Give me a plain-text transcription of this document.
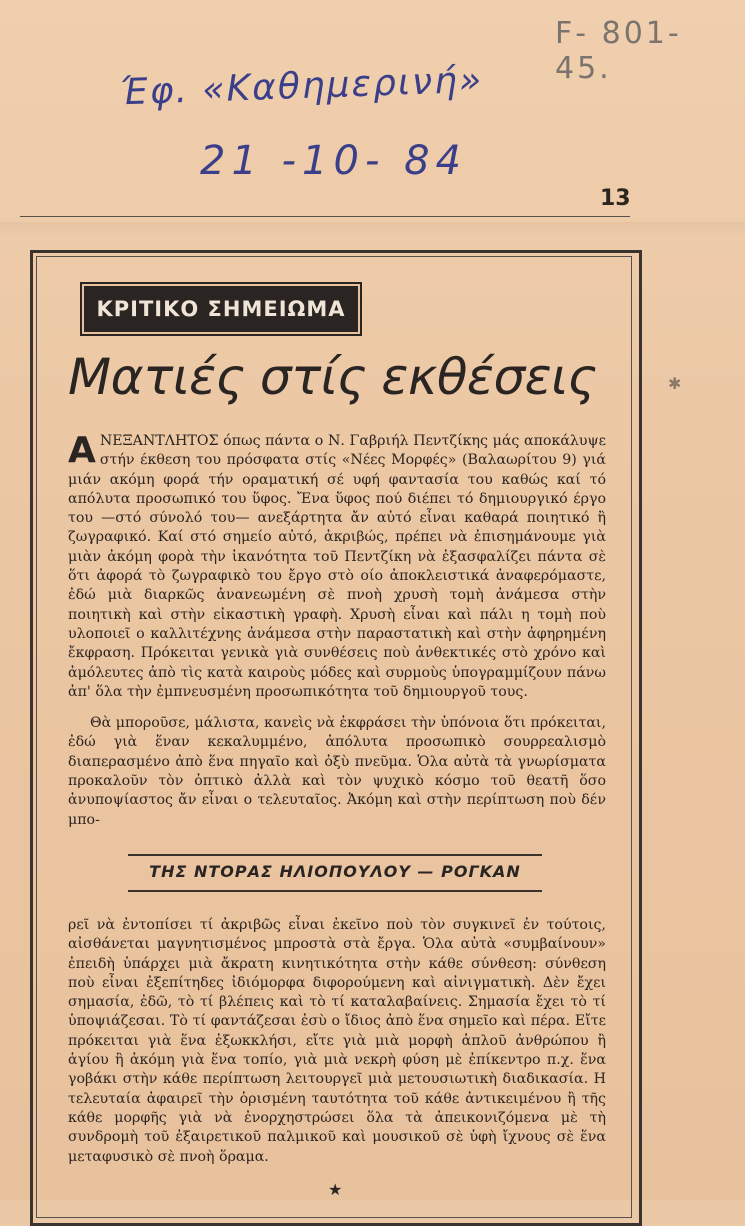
F- 801- 45.
Έφ. «Καθημερινή»
21 -10- 84
13
ΚΡΙΤΙΚΟ ΣΗΜΕΙΩΜΑ
Ματιές στίς εκθέσεις	✱

ΑΝΕΞΑΝΤΛΗΤΟΣ όπως πάντα ο Ν. Γαβριήλ Πεντζίκης μάς αποκάλυψε στήν έκθεση του πρόσφατα στίς «Νέες Μορφές» (Βαλαωρίτου 9) γιά μιάν ακόμη φορά τήν οραματική σέ υφή φαντασία του καθώς καί τό απόλυτα προσωπικό του ὕφος. Ἔνα ὕφος πού διέπει τό δημιουργικό έργο του —στό σύνολό του— ανεξάρτητα ἄν αὐτό εἶναι καθαρά ποιητικό ἢ ζωγραφικό. Καί στό σημείο αὐτό, ἀκριβώς, πρέπει νὰ ἐπισημάνουμε γιὰ μιὰν ἀκόμη φορὰ τὴν ἱκανότητα τοῦ Πεντζίκη νὰ ἐξασφαλίζει πάντα σὲ ὅτι ἀφορά τὸ ζωγραφικὸ του ἔργο στὸ οίο ἀποκλειστικά ἀναφερόμαστε, ἐδώ μιὰ διαρκῶς ἀνανεωμένη σὲ πνοὴ χρυσὴ τομὴ ἀνάμεσα στὴν ποιητικὴ καὶ στὴν εἰκαστικὴ γραφὴ. Χρυσὴ εἶναι καὶ πάλι η τομὴ ποὺ υλοποιεῖ ο καλλιτέχνης ἀνάμεσα στὴν παραστατικὴ καὶ στὴν ἀφηρημένη ἔκφραση. Πρόκειται γενικὰ γιὰ συνθέσεις ποὺ ἀνθεκτικές στὸ χρόνο καὶ ἀμόλευτες ἀπὸ τὶς κατὰ καιροὺς μόδες καὶ συρμοὺς ὑπογραμμίζουν πάνω ἀπ' ὅλα τὴν ἐμπνευσμένη προσωπικότητα τοῦ δημιουργοῦ τους.

Θὰ μποροῦσε, μάλιστα, κανεὶς νὰ ἐκφράσει τὴν ὑπόνοια ὅτι πρόκειται, ἐδώ γιὰ ἕναν κεκαλυμμένο, ἀπόλυτα προσωπικὸ σουρρεαλισμὸ διαπερασμένο ἀπὸ ἕνα πηγαῖο καὶ ὀξὺ πνεῦμα. Ὁλα αὐτὰ τὰ γνωρίσματα προκαλοῦν τὸν ὀπτικὸ ἀλλὰ καὶ τὸν ψυχικὸ κόσμο τοῦ θεατῆ ὅσο ἀνυποψίαστος ἄν εἶναι ο τελευταῖος. Ἀκόμη καὶ στὴν περίπτωση ποὺ δέν μπο-

ΤΗΣ ΝΤΟΡΑΣ ΗΛΙΟΠΟΥΛΟΥ — ΡΟΓΚΑΝ

ρεῖ νὰ ἐντοπίσει τί ἀκριβῶς εἶναι ἐκεῖνο ποὺ τὸν συγκινεῖ ἐν τούτοις, αἰσθάνεται μαγνητισμένος μπροστὰ στὰ ἔργα. Ὁλα αὐτὰ «συμβαίνουν» ἐπειδὴ ὑπάρχει μιὰ ἄκρατη κινητικότητα στὴν κάθε σύνθεση: σύνθεση ποὺ εἶναι ἐξεπίτηδες ἰδιόμορφα διφορούμενη καὶ αἰνιγματικὴ. Δὲν ἔχει σημασία, ἐδῶ, τὸ τί βλέπεις καὶ τὸ τί καταλαβαίνεις. Σημασία ἔχει τὸ τί ὑποψιάζεσαι. Τὸ τί φαντάζεσαι ἐσὺ ο ἴδιος ἀπὸ ἕνα σημεῖο καὶ πέρα. Εἴτε πρόκειται γιὰ ἕνα ἐξωκκλήσι, εἴτε γιὰ μιὰ μορφὴ ἁπλοῦ ἀνθρώπου ἢ ἁγίου ἢ ἀκόμη γιὰ ἕνα τοπίο, γιὰ μιὰ νεκρὴ φύση μὲ ἐπίκεντρο π.χ. ἕνα γοβάκι στὴν κάθε περίπτωση λειτουργεῖ μιὰ μετουσιωτικὴ διαδικασία. Η τελευταία ἀφαιρεῖ τὴν ὁρισμένη ταυτότητα τοῦ κάθε ἀντικειμένου ἢ τῆς κάθε μορφῆς γιὰ νὰ ἐνορχηστρώσει ὅλα τὰ ἀπεικονιζόμενα μὲ τὴ συνδρομὴ τοῦ ἐξαιρετικοῦ παλμικοῦ καὶ μουσικοῦ σὲ ὑφὴ ἴχνους σὲ ἕνα μεταφυσικὸ σὲ πνοὴ ὅραμα.

★
